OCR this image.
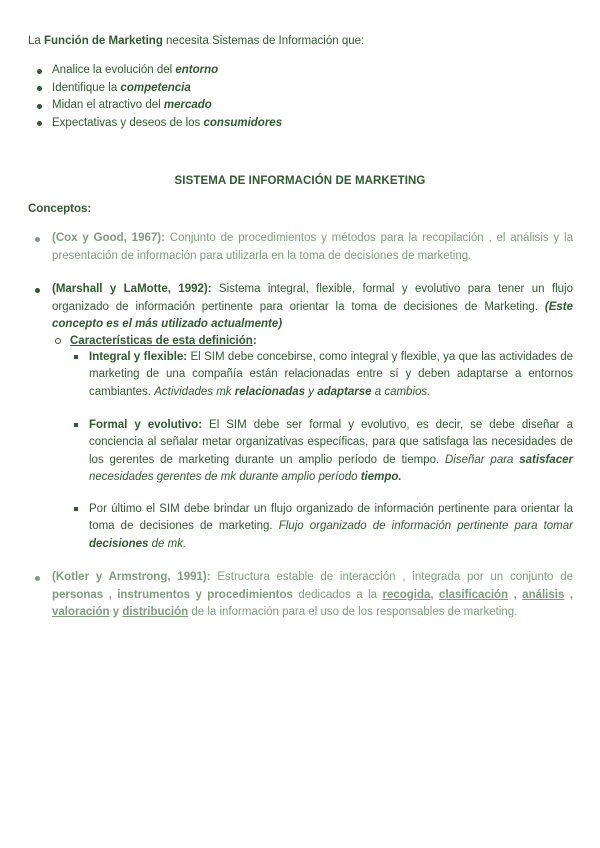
La Función de Marketing necesita Sistemas de Información que:
Analice la evolución del entorno
Identifique la competencia
Midan el atractivo del mercado
Expectativas y deseos de los consumidores
SISTEMA DE INFORMACIÓN DE MARKETING
Conceptos:
(Cox y Good, 1967): Conjunto de procedimientos y métodos para la recopilación , el análisis y la presentación de información para utilizarla en la toma de decisiones de marketing.
(Marshall y LaMotte, 1992): Sistema integral, flexible, formal y evolutivo para tener un flujo organizado de información pertinente para orientar la toma de decisiones de Marketing. (Este concepto es el más utilizado actualmente)
Características de esta definición:
Integral y flexible: El SIM debe concebirse, como integral y flexible, ya que las actividades de marketing de una compañía están relacionadas entre sí y deben adaptarse a entornos cambiantes. Actividades mk relacionadas y adaptarse a cambios.
Formal y evolutivo: El SIM debe ser formal y evolutivo, es decir, se debe diseñar a conciencia al señalar metar organizativas específicas, para que satisfaga las necesidades de los gerentes de marketing durante un amplio período de tiempo. Diseñar para satisfacer necesidades gerentes de mk durante amplio período tiempo.
Por último el SIM debe brindar un flujo organizado de información pertinente para orientar la toma de decisiones de marketing. Flujo organizado de información pertinente para tomar decisiones de mk.
(Kotler y Armstrong, 1991): Estructura estable de interacción , integrada por un conjunto de personas , instrumentos y procedimientos dedicados a la recogida, clasificación , análisis , valoración y distribución de la información para el uso de los responsables de marketing.
